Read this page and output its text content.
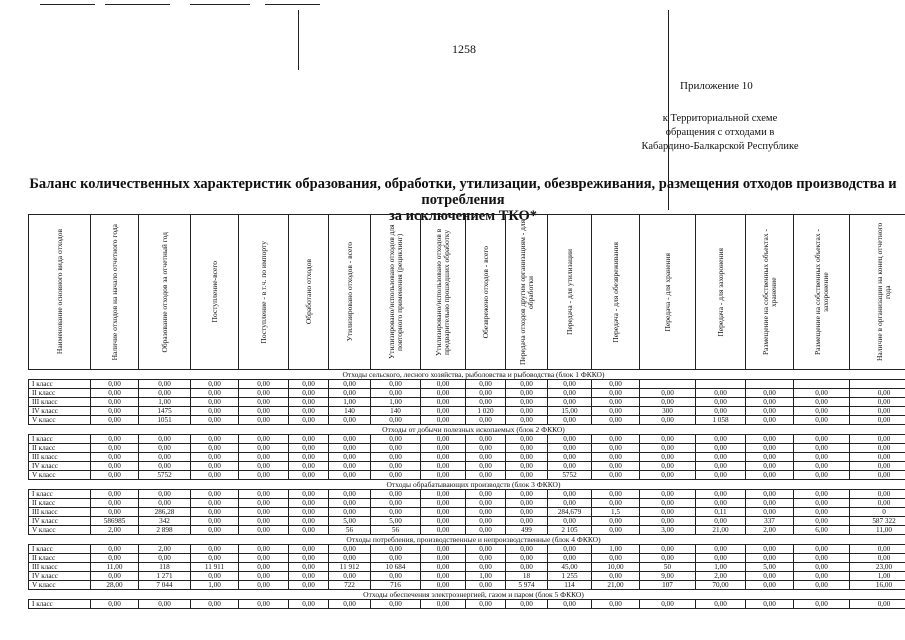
1258
Приложение 10
к Территориальной схеме
обращения с отходами в
Кабардино-Балкарской Республике
Баланс количественных характеристик образования, обработки, утилизации, обезвреживания, размещения отходов производства и потребления
за исключением ТКО*
Наименование основного вида отходов	Наличие отходов на начало отчетного года	Образование отходов за отчетный год	Поступление-всего	Поступление - в т.ч. по импорту	Обработано отходов	Утилизировано отходов - всего	Утилизировано/использовано отходов для повторного применения (рециклинг)	Утилизировано/использовано отходов в предварительно прошедших обработку	Обезврежено отходов - всего	Передача отходов другим организациям - для обработки	Передача - для утилизации	Передача - для обезвреживания	Передача - для хранения	Передача - для захоронения	Размещение на собственных объектах - хранение	Размещение на собственных объектах - захоронение	Наличие в организации на конец отчетного года

Отходы сельского, лесного хозяйства, рыболовства и рыбоводства (блок 1 ФККО)																	
I класс	0,00	0,00	0,00	0,00	0,00	0,00	0,00	0,00	0,00	0,00	0,00	0,00					
II класс	0,00	0,00	0,00	0,00	0,00	0,00	0,00	0,00	0,00	0,00	0,00	0,00	0,00	0,00	0,00	0,00	0,00
III класс	0,00	1,00	0,00	0,00	0,00	1,00	1,00	0,00	0,00	0,00	0,00	0,00	0,00	0,00	0,00	0,00	0,00
IV класс	0,00	1475	0,00	0,00	0,00	140	140	0,00	1 020	0,00	15,00	0,00	300	0,00	0,00	0,00	0,00
V класс	0,00	1051	0,00	0,00	0,00	0,00	0,00	0,00	0,00	0,00	0,00	0,00	0,00	1 058	0,00	0,00	0,00
Отходы от добычи полезных ископаемых (блок 2 ФККО)																	
I класс	0,00	0,00	0,00	0,00	0,00	0,00	0,00	0,00	0,00	0,00	0,00	0,00	0,00	0,00	0,00	0,00	0,00
II класс	0,00	0,00	0,00	0,00	0,00	0,00	0,00	0,00	0,00	0,00	0,00	0,00	0,00	0,00	0,00	0,00	0,00
III класс	0,00	0,00	0,00	0,00	0,00	0,00	0,00	0,00	0,00	0,00	0,00	0,00	0,00	0,00	0,00	0,00	0,00
IV класс	0,00	0,00	0,00	0,00	0,00	0,00	0,00	0,00	0,00	0,00	0,00	0,00	0,00	0,00	0,00	0,00	0,00
V класс	0,00	5752	0,00	0,00	0,00	0,00	0,00	0,00	0,00	0,00	5752	0,00	0,00	0,00	0,00	0,00	0,00
Отходы обрабатывающих производств (блок 3 ФККО)																	
I класс	0,00	0,00	0,00	0,00	0,00	0,00	0,00	0,00	0,00	0,00	0,00	0,00	0,00	0,00	0,00	0,00	0,00
II класс	0,00	0,00	0,00	0,00	0,00	0,00	0,00	0,00	0,00	0,00	0,00	0,00	0,00	0,00	0,00	0,00	0,00
III класс	0,00	286,28	0,00	0,00	0,00	0,00	0,00	0,00	0,00	0,00	284,679	1,5	0,00	0,11	0,00	0,00	0
IV класс	586985	342	0,00	0,00	0,00	5,00	5,00	0,00	0,00	0,00	0,00	0,00	0,00	0,00	337	0,00	587 322
V класс	2,00	2 898	0,00	0,00	0,00	56	56	0,00	0,00	499	2 105	0,00	3,00	21,00	2,00	6,00	11,00
Отходы потребления, производственные и непроизводственные (блок 4 ФККО)																	
I класс	0,00	2,00	0,00	0,00	0,00	0,00	0,00	0,00	0,00	0,00	0,00	1,00	0,00	0,00	0,00	0,00	0,00
II класс	0,00	0,00	0,00	0,00	0,00	0,00	0,00	0,00	0,00	0,00	0,00	0,00	0,00	0,00	0,00	0,00	0,00
III класс	11,00	118	11 911	0,00	0,00	11 912	10 684	0,00	0,00	0,00	45,00	10,00	50	1,00	5,00	0,00	23,00
IV класс	0,00	1 271	0,00	0,00	0,00	0,00	0,00	0,00	1,00	18	1 255	0,00	9,00	2,00	0,00	0,00	1,00
V класс	28,00	7 044	1,00	0,00	0,00	722	716	0,00	0,00	5 974	114	21,00	107	70,00	0,00	0,00	16,00
Отходы обеспечения электроэнергией, газом и паром (блок 5 ФККО)																	
I класс	0,00	0,00	0,00	0,00	0,00	0,00	0,00	0,00	0,00	0,00	0,00	0,00	0,00	0,00	0,00	0,00	0,00
